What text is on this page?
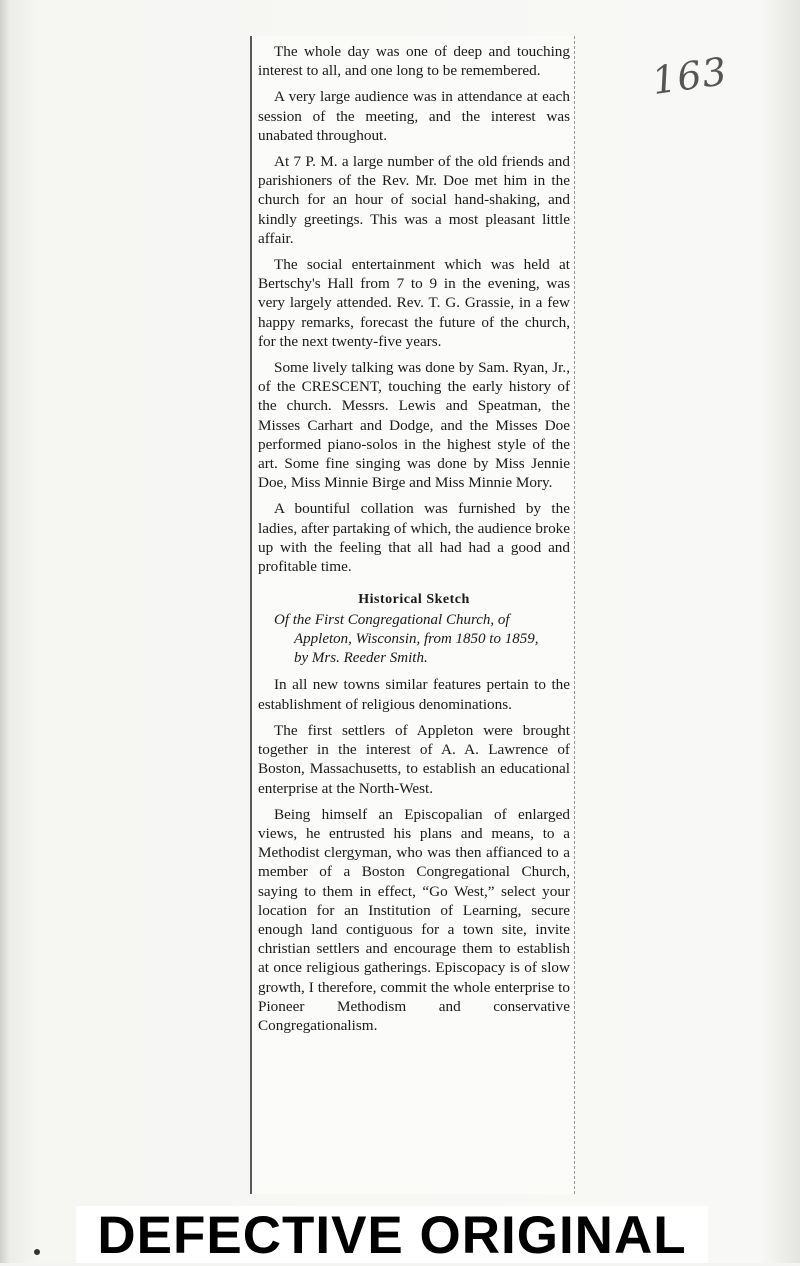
163

The whole day was one of deep and touching interest to all, and one long to be remembered.

A very large audience was in attendance at each session of the meeting, and the interest was unabated throughout.

At 7 P. M. a large number of the old friends and parishioners of the Rev. Mr. Doe met him in the church for an hour of social hand-shaking, and kindly greetings. This was a most pleasant little affair.

The social entertainment which was held at Bertschy's Hall from 7 to 9 in the evening, was very largely attended. Rev. T. G. Grassie, in a few happy remarks, forecast the future of the church, for the next twenty-five years.

Some lively talking was done by Sam. Ryan, Jr., of the CRESCENT, touching the early history of the church. Messrs. Lewis and Speatman, the Misses Carhart and Dodge, and the Misses Doe performed piano-solos in the highest style of the art. Some fine singing was done by Miss Jennie Doe, Miss Minnie Birge and Miss Minnie Mory.

A bountiful collation was furnished by the ladies, after partaking of which, the audience broke up with the feeling that all had had a good and profitable time.

Historical Sketch

Of the First Congregational Church, of
Appleton, Wisconsin, from 1850 to 1859,
by Mrs. Reeder Smith.

In all new towns similar features pertain to the establishment of religious denominations.

The first settlers of Appleton were brought together in the interest of A. A. Lawrence of Boston, Massachusetts, to establish an educational enterprise at the North-West.

Being himself an Episcopalian of enlarged views, he entrusted his plans and means, to a Methodist clergyman, who was then affianced to a member of a Boston Congregational Church, saying to them in effect, “Go West,” select your location for an Institution of Learning, secure enough land contiguous for a town site, invite christian settlers and encourage them to establish at once religious gatherings. Episcopacy is of slow growth, I therefore, commit the whole enterprise to Pioneer Methodism and conservative Congregationalism.

DEFECTIVE ORIGINAL
